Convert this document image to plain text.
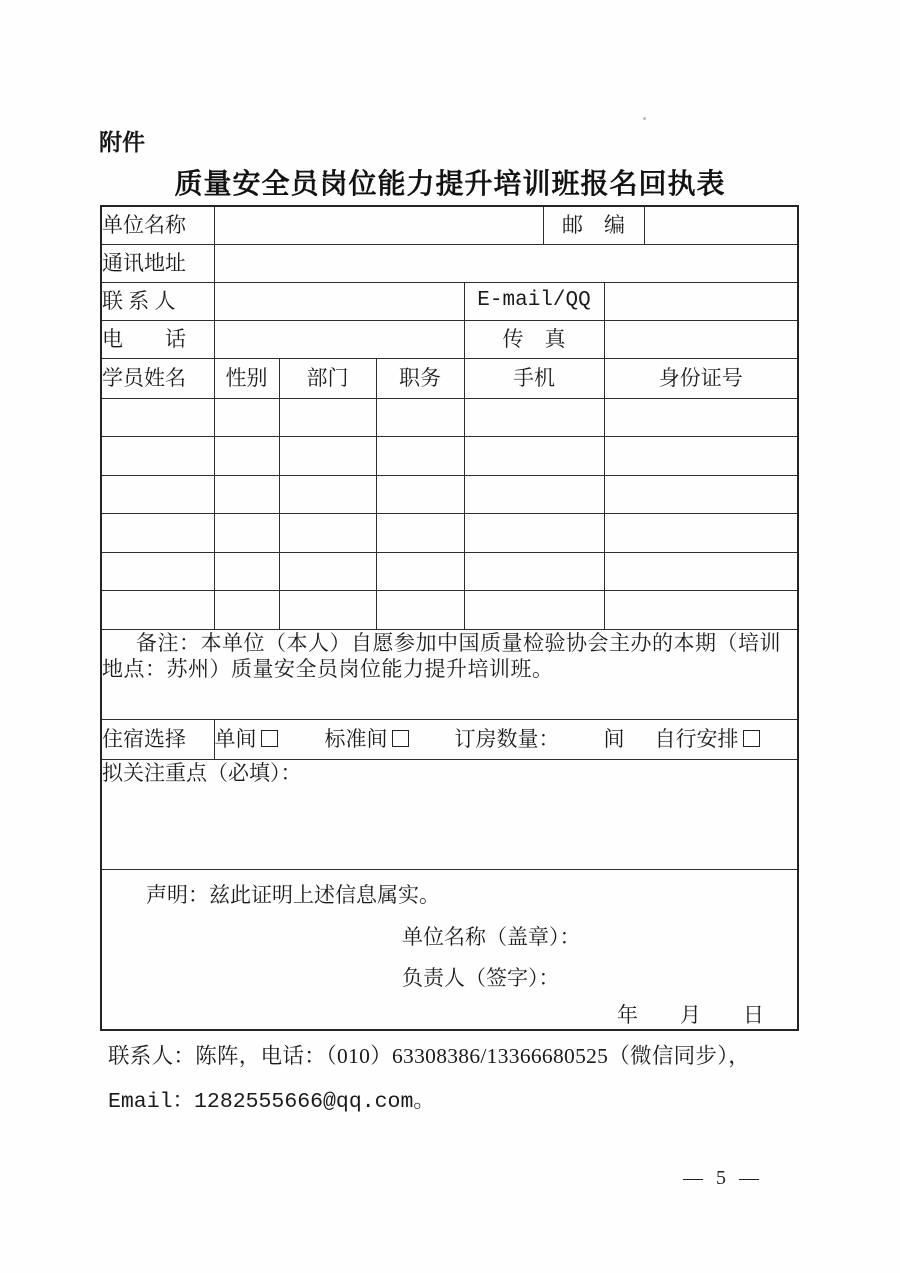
附件
质量安全员岗位能力提升培训班报名回执表
单位名称					邮　编		
通讯地址							
联 系 人				E-mail/QQ			
电　　话				传　真			
学员姓名	性别	部门	职务	手机		身份证号	

备注：本单位（本人）自愿参加中国质量检验协会主办的本期（培训地点：苏州）质量安全员岗位能力提升培训班。							
住宿选择	单间 标准间 订房数量： 间 自行安排						
拟关注重点（必填）：							

声明：兹此证明上述信息属实。
单位名称（盖章）：
负责人（签字）：
年　　月　　日							
联系人：陈阵，电话：（010）63308386/13366680525（微信同步），
Email：1282555666@qq.com。
— 5 —
